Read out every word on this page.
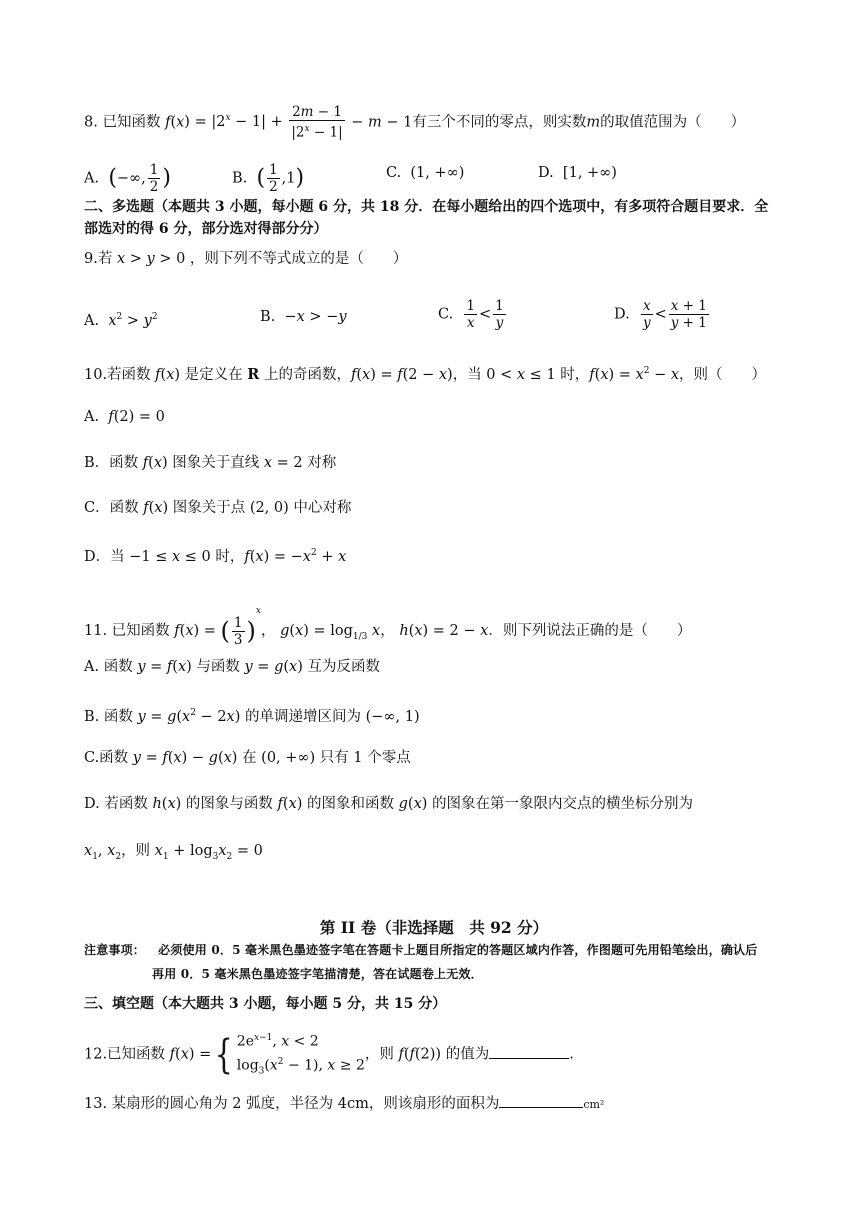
8. 已知函数 $f(x) = |2^x - 1| + \frac{2m - 1}{|2^x - 1|} - m - 1$有三个不同的零点，则实数m的取值范围为（　　）
A.  (−∞, $\frac{1}{2}$ )	B.  ( $\frac{1}{2} ,1$)	C.  (1, +∞)	D.  [1, +∞)
二、多选题（本题共 3 小题，每小题 6 分，共 18 分．在每小题给出的四个选项中，有多项符合题目要求．全
部选对的得 6 分，部分选对得部分分）
9.若 x > y > 0 ，则下列不等式成立的是（　　）
A.  $x^2 > y^2$	B.  −x > −y	C. $\frac{1}{x} < \frac{1}{y}$	D. $\frac{x}{y} < \frac{x + 1}{y + 1}$
10.若函数 f(x) 是定义在 R 上的奇函数，f(x) = f(2 − x)，当 0 < x ≤ 1 时，$f(x) = x^2 - x$，则（　　）
A.  f(2) = 0
B．函数 f(x) 图象关于直线 x = 2 对称
C．函数 f(x) 图象关于点 (2, 0) 中心对称
D．当 −1 ≤ x ≤ 0 时，$f(x) = -x^2 + x$
11. 已知函数 f(x) = ( $\frac{1}{3} )^x$， $g(x) = \log_{1/3} x$， h(x) = 2 − x．则下列说法正确的是（　　）
A. 函数 y = f(x) 与函数 y = g(x) 互为反函数
B. 函数 $y = g(x^2 - 2x)$ 的单调递增区间为 (−∞, 1)
C.函数 y = f(x) − g(x) 在 (0, +∞) 只有 1 个零点
D. 若函数 h(x) 的图象与函数 f(x) 的图象和函数 g(x) 的图象在第一象限内交点的横坐标分别为
$x_1$, $x_2$，则 $x_1 + \log_3x_2 = 0$
第 II 卷（非选择题　共 92 分）
注意事项： 必须使用 0．5 毫米黑色墨迹签字笔在答题卡上题目所指定的答题区域内作答，作图题可先用铅笔绘出，确认后
再用 0．5 毫米黑色墨迹签字笔描清楚，答在试题卷上无效．
三、填空题（本大题共 3 小题，每小题 5 分，共 15 分）
12.已知函数 f(x) ={ $2e^{x-1}$, x < 2
$\log_3(x^2 - 1)$, x ≥ 2
，则 f(f(2)) 的值为	.
13. 某扇形的圆心角为 2 弧度，半径为 4cm，则该扇形的面积为	cm²
